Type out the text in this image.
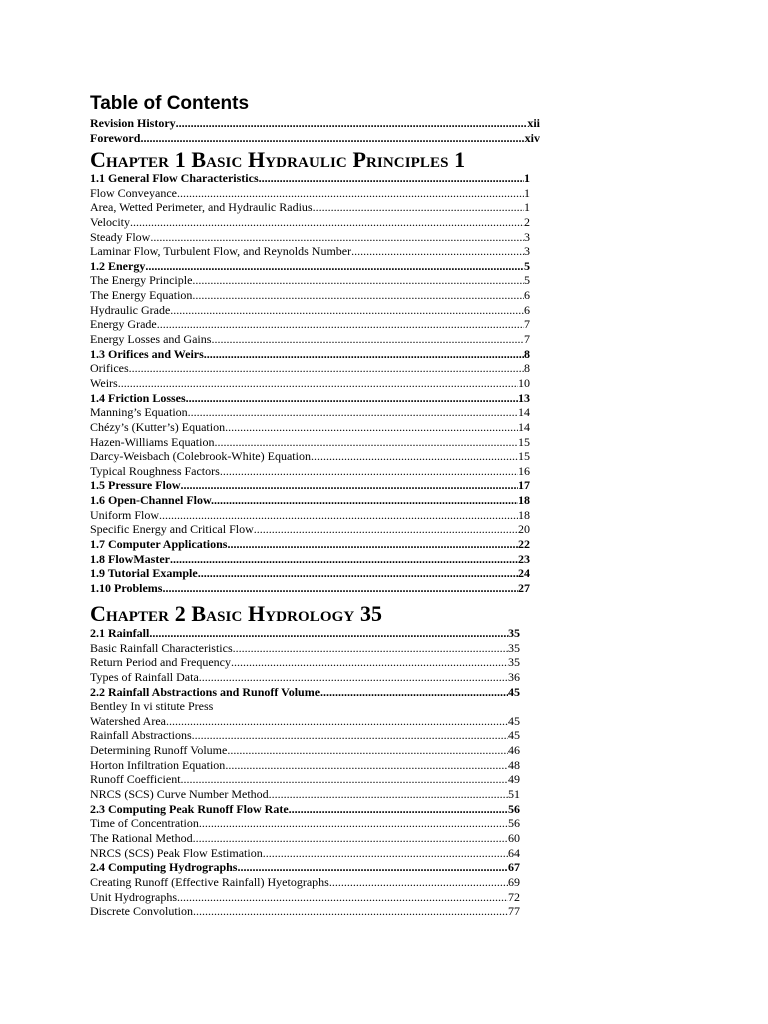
Table of Contents
Revision History .....	xii
Foreword .....	xiv
Chapter 1 Basic Hydraulic Principles 1
1.1 General Flow Characteristics .....	1
Flow Conveyance .....	1
Area, Wetted Perimeter, and Hydraulic Radius .....	1
Velocity .....	2
Steady Flow .....	3
Laminar Flow, Turbulent Flow, and Reynolds Number .....	3
1.2 Energy .....	5
The Energy Principle .....	5
The Energy Equation .....	6
Hydraulic Grade .....	6
Energy Grade .....	7
Energy Losses and Gains .....	7
1.3 Orifices and Weirs .....	8
Orifices .....	8
Weirs .....	10
1.4 Friction Losses .....	13
Manning’s Equation .....	14
Chézy’s (Kutter’s) Equation .....	14
Hazen-Williams Equation .....	15
Darcy-Weisbach (Colebrook-White) Equation .....	15
Typical Roughness Factors .....	16
1.5 Pressure Flow .....	17
1.6 Open-Channel Flow. .....	18
Uniform Flow .....	18
Specific Energy and Critical Flow .....	20
1.7 Computer Applications .....	22
1.8 FlowMaster .....	23
1.9 Tutorial Example .....	24
1.10 Problems .....	27
Chapter 2 Basic Hydrology 35
2.1 Rainfall .....	35
Basic Rainfall Characteristics .....	35
Return Period and Frequency .....	35
Types of Rainfall Data .....	36
2.2 Rainfall Abstractions and Runoff Volume .....	45
Bentley In vi stitute Press
Watershed Area .....	45
Rainfall Abstractions .....	45
Determining Runoff Volume .....	46
Horton Infiltration Equation .....	48
Runoff Coefficient .....	49
NRCS (SCS) Curve Number Method .....	51
2.3 Computing Peak Runoff Flow Rate .....	56
Time of Concentration .....	56
The Rational Method .....	60
NRCS (SCS) Peak Flow Estimation .....	64
2.4 Computing Hydrographs .....	67
Creating Runoff (Effective Rainfall) Hyetographs .....	69
Unit Hydrographs .....	72
Discrete Convolution .....	77
